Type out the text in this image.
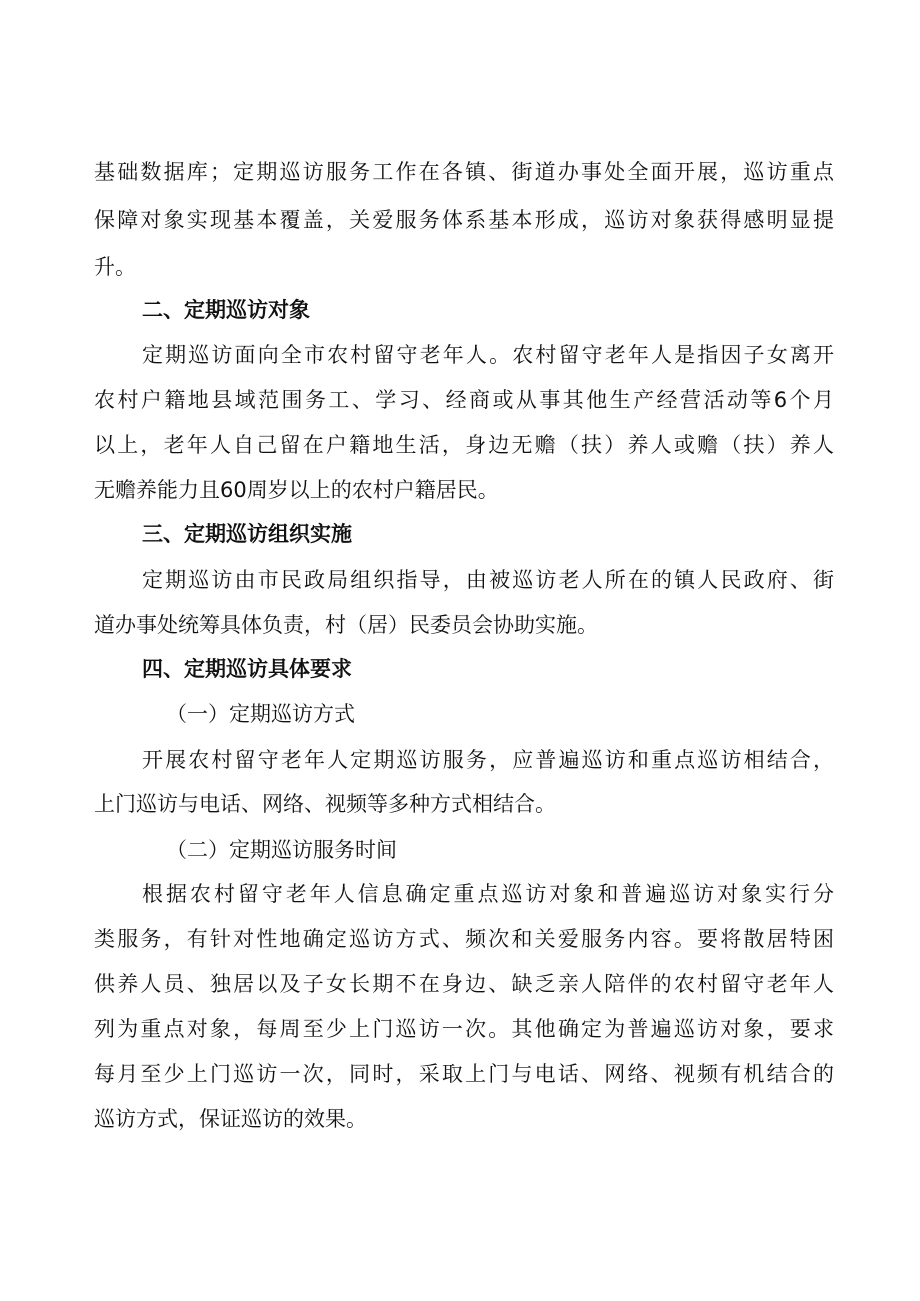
基础数据库；定期巡访服务工作在各镇、街道办事处全面开展，巡访重点
保障对象实现基本覆盖，关爱服务体系基本形成，巡访对象获得感明显提
升。
二、定期巡访对象
定期巡访面向全市农村留守老年人。农村留守老年人是指因子女离开
农村户籍地县域范围务工、学习、经商或从事其他生产经营活动等6个月
以上，老年人自己留在户籍地生活，身边无赡（扶）养人或赡（扶）养人
无赡养能力且60周岁以上的农村户籍居民。
三、定期巡访组织实施
定期巡访由市民政局组织指导，由被巡访老人所在的镇人民政府、街
道办事处统筹具体负责，村（居）民委员会协助实施。
四、定期巡访具体要求
（一）定期巡访方式
开展农村留守老年人定期巡访服务，应普遍巡访和重点巡访相结合，
上门巡访与电话、网络、视频等多种方式相结合。
（二）定期巡访服务时间
根据农村留守老年人信息确定重点巡访对象和普遍巡访对象实行分
类服务，有针对性地确定巡访方式、频次和关爱服务内容。要将散居特困
供养人员、独居以及子女长期不在身边、缺乏亲人陪伴的农村留守老年人
列为重点对象，每周至少上门巡访一次。其他确定为普遍巡访对象，要求
每月至少上门巡访一次，同时，采取上门与电话、网络、视频有机结合的
巡访方式，保证巡访的效果。
